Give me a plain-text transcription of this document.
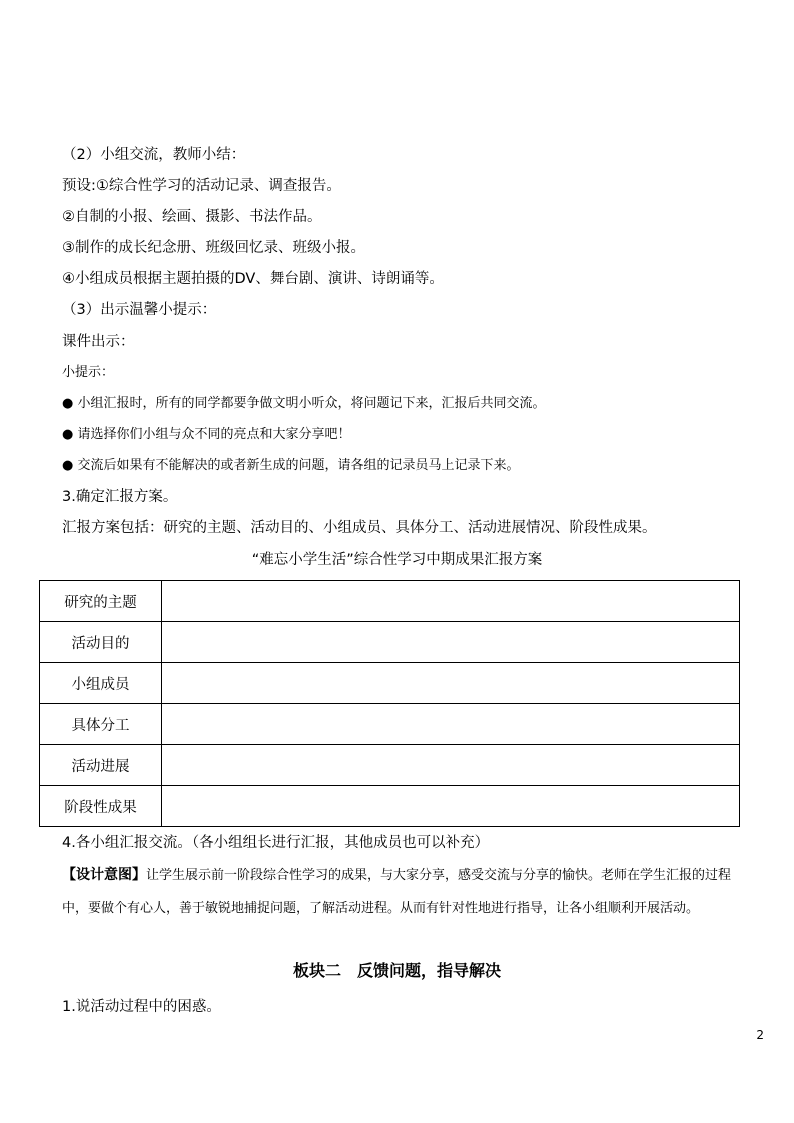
（2）小组交流，教师小结：
预设:①综合性学习的活动记录、调查报告。
②自制的小报、绘画、摄影、书法作品。
③制作的成长纪念册、班级回忆录、班级小报。
④小组成员根据主题拍摄的DV、舞台剧、演讲、诗朗诵等。
（3）出示温馨小提示：
课件出示：
小提示：
● 小组汇报时，所有的同学都要争做文明小听众，将问题记下来，汇报后共同交流。
● 请选择你们小组与众不同的亮点和大家分享吧！
● 交流后如果有不能解决的或者新生成的问题，请各组的记录员马上记录下来。
3.确定汇报方案。
汇报方案包括：研究的主题、活动目的、小组成员、具体分工、活动进展情况、阶段性成果。
“难忘小学生活”综合性学习中期成果汇报方案
研究的主题	
活动目的	
小组成员	
具体分工	
活动进展	
阶段性成果	
4.各小组汇报交流。（各小组组长进行汇报，其他成员也可以补充）
【设计意图】让学生展示前一阶段综合性学习的成果，与大家分享，感受交流与分享的愉快。老师在学生汇报的过程中，要做个有心人，善于敏锐地捕捉问题，了解活动进程。从而有针对性地进行指导，让各小组顺利开展活动。
板块二　反馈问题，指导解决
1.说活动过程中的困惑。
2
